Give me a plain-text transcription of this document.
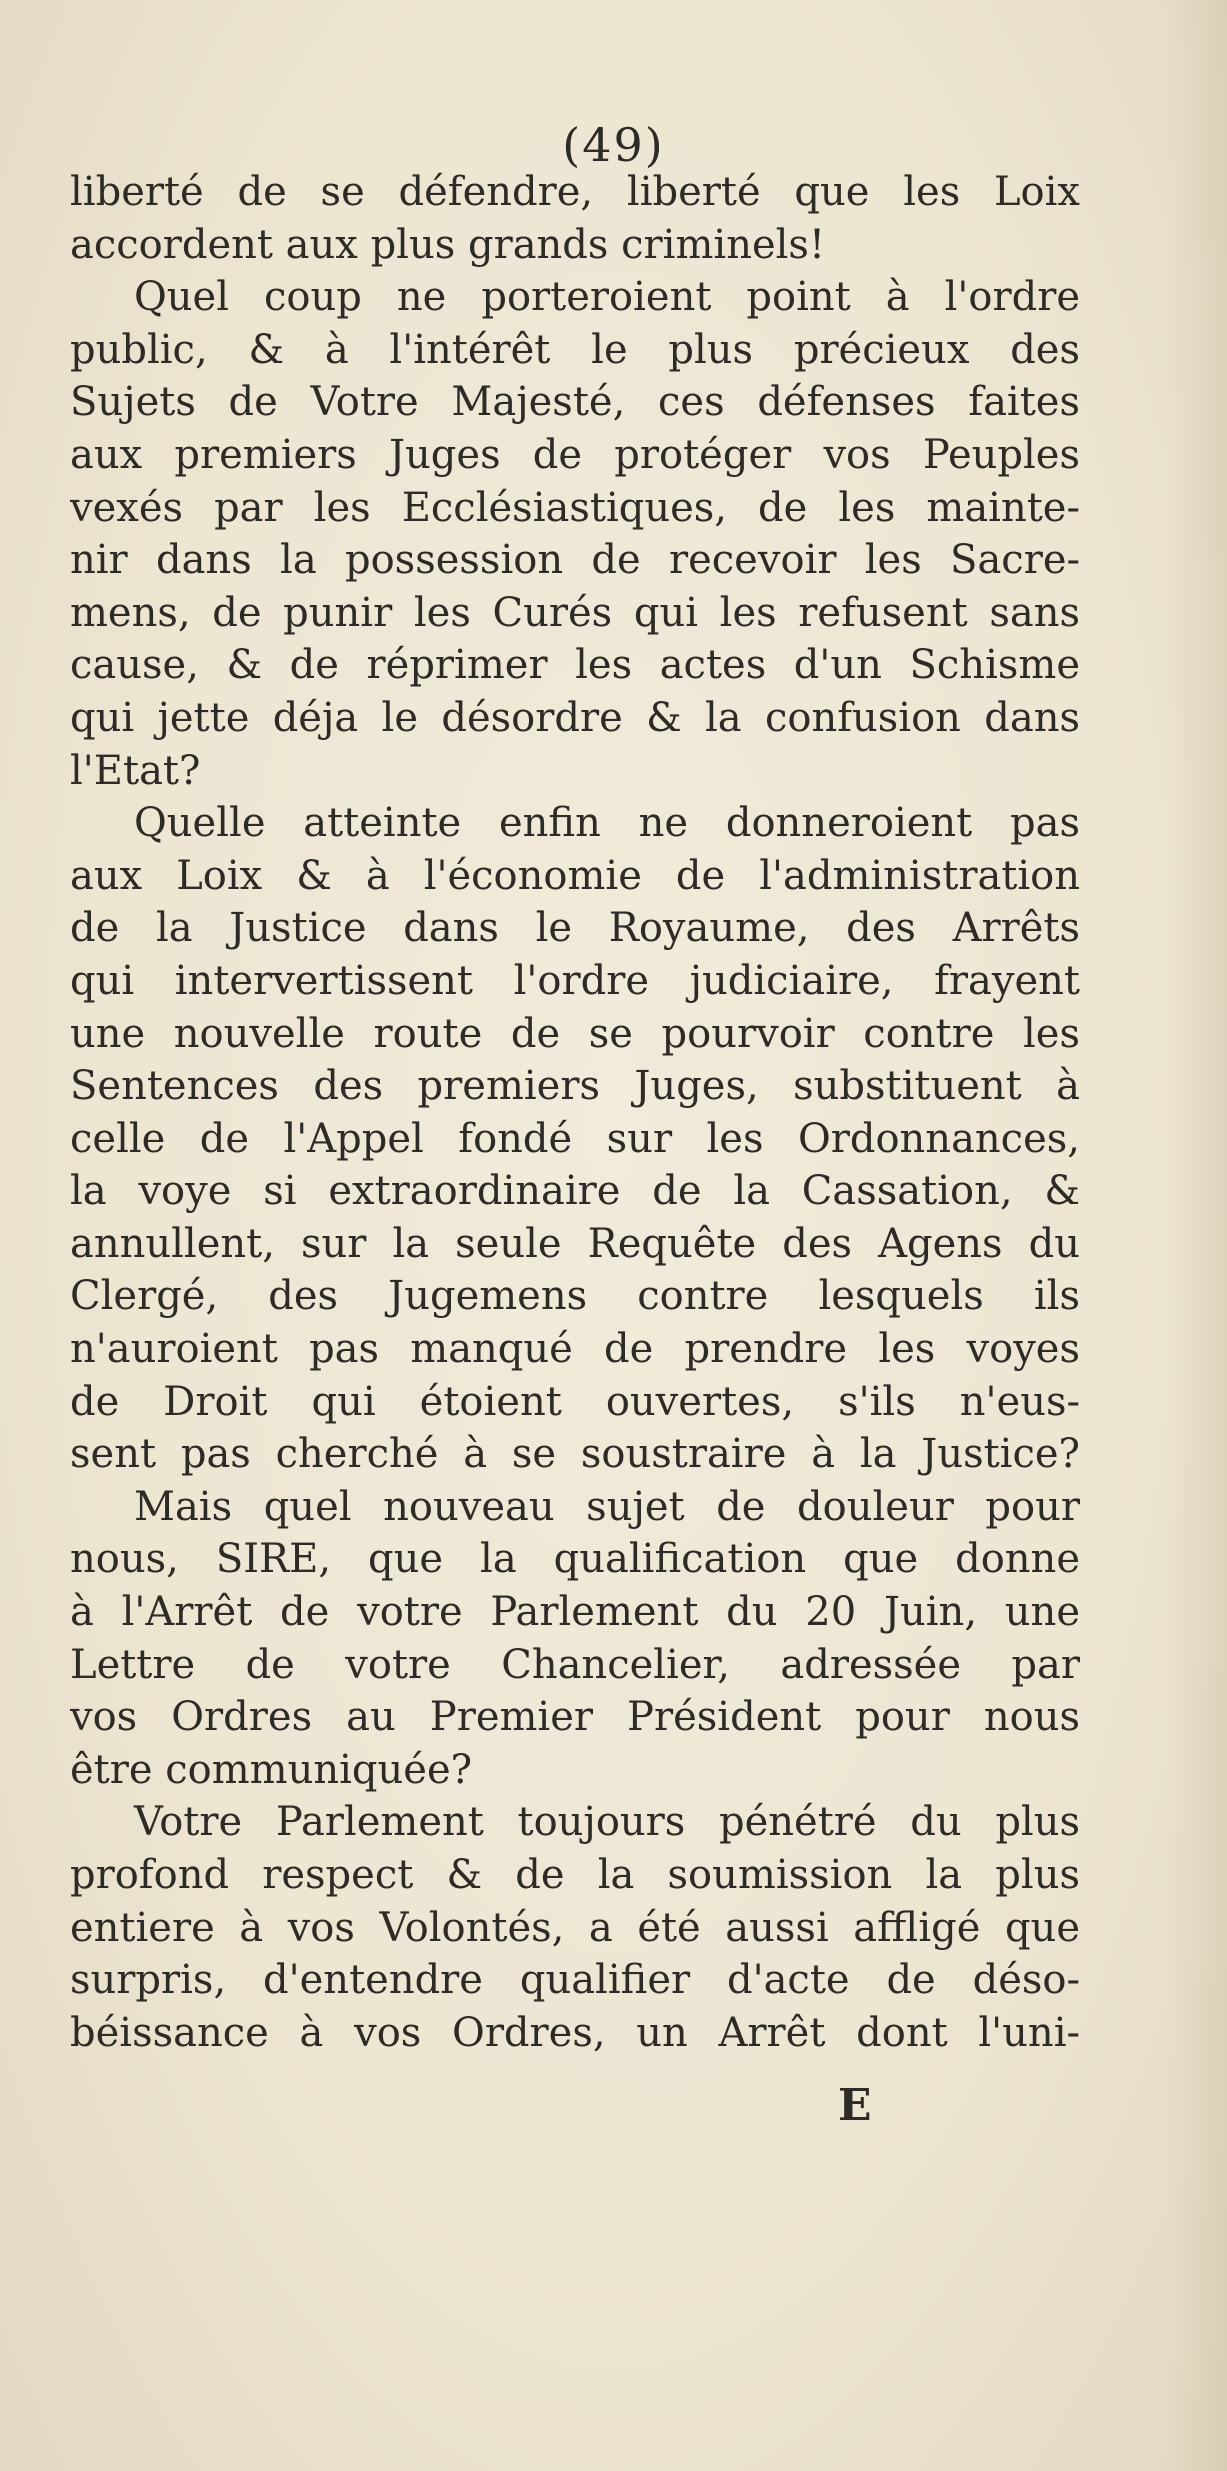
(49)
liberté de se défendre, liberté que les Loix
accordent aux plus grands criminels!
Quel coup ne porteroient point à l'ordre
public, & à l'intérêt le plus précieux des
Sujets de Votre Majesté, ces défenses faites
aux premiers Juges de protéger vos Peuples
vexés par les Ecclésiastiques, de les mainte-
nir dans la possession de recevoir les Sacre-
mens, de punir les Curés qui les refusent sans
cause, & de réprimer les actes d'un Schisme
qui jette déja le désordre & la confusion dans
l'Etat?
Quelle atteinte enfin ne donneroient pas
aux Loix & à l'économie de l'administration
de la Justice dans le Royaume, des Arrêts
qui intervertissent l'ordre judiciaire, frayent
une nouvelle route de se pourvoir contre les
Sentences des premiers Juges, substituent à
celle de l'Appel fondé sur les Ordonnances,
la voye si extraordinaire de la Cassation, &
annullent, sur la seule Requête des Agens du
Clergé, des Jugemens contre lesquels ils
n'auroient pas manqué de prendre les voyes
de Droit qui étoient ouvertes, s'ils n'eus-
sent pas cherché à se soustraire à la Justice?
Mais quel nouveau sujet de douleur pour
nous, SIRE, que la qualification que donne
à l'Arrêt de votre Parlement du 20 Juin, une
Lettre de votre Chancelier, adressée par
vos Ordres au Premier Président pour nous
être communiquée?
Votre Parlement toujours pénétré du plus
profond respect & de la soumission la plus
entiere à vos Volontés, a été aussi affligé que
surpris, d'entendre qualifier d'acte de déso-
béissance à vos Ordres, un Arrêt dont l'uni-
E
